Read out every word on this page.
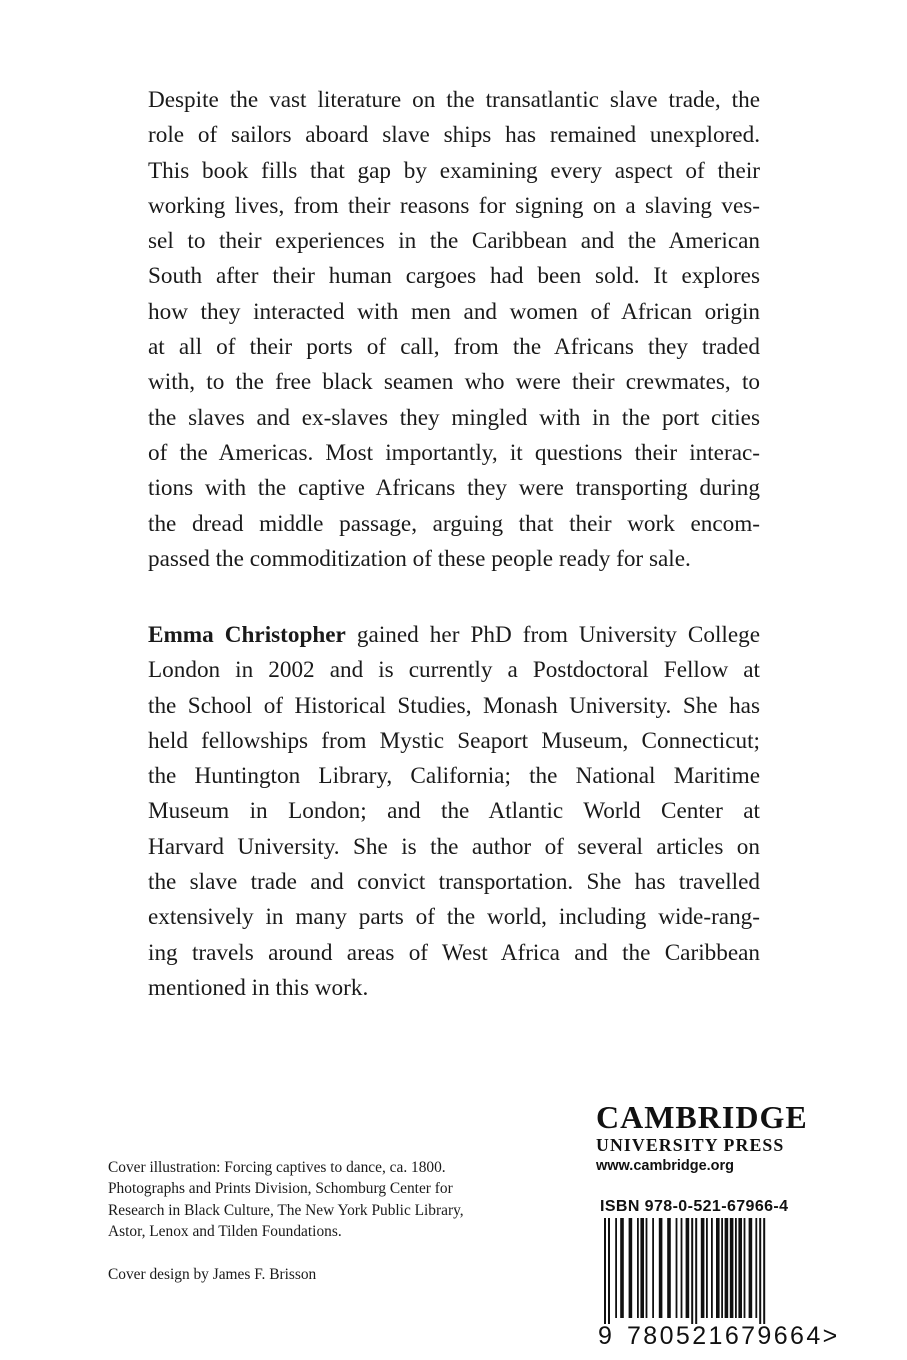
Despite the vast literature on the transatlantic slave trade, the
role of sailors aboard slave ships has remained unexplored.
This book fills that gap by examining every aspect of their
working lives, from their reasons for signing on a slaving ves-
sel to their experiences in the Caribbean and the American
South after their human cargoes had been sold. It explores
how they interacted with men and women of African origin
at all of their ports of call, from the Africans they traded
with, to the free black seamen who were their crewmates, to
the slaves and ex-slaves they mingled with in the port cities
of the Americas. Most importantly, it questions their interac-
tions with the captive Africans they were transporting during
the dread middle passage, arguing that their work encom-
passed the commoditization of these people ready for sale.
Emma Christopher gained her PhD from University College
London in 2002 and is currently a Postdoctoral Fellow at
the School of Historical Studies, Monash University. She has
held fellowships from Mystic Seaport Museum, Connecticut;
the Huntington Library, California; the National Maritime
Museum in London; and the Atlantic World Center at
Harvard University. She is the author of several articles on
the slave trade and convict transportation. She has travelled
extensively in many parts of the world, including wide-rang-
ing travels around areas of West Africa and the Caribbean
mentioned in this work.
Cover illustration: Forcing captives to dance, ca. 1800.
Photographs and Prints Division, Schomburg Center for
Research in Black Culture, The New York Public Library,
Astor, Lenox and Tilden Foundations.
Cover design by James F. Brisson
CAMBRIDGE
UNIVERSITY PRESS
www.cambridge.org
ISBN 978-0-521-67966-4
9 780521679664>
